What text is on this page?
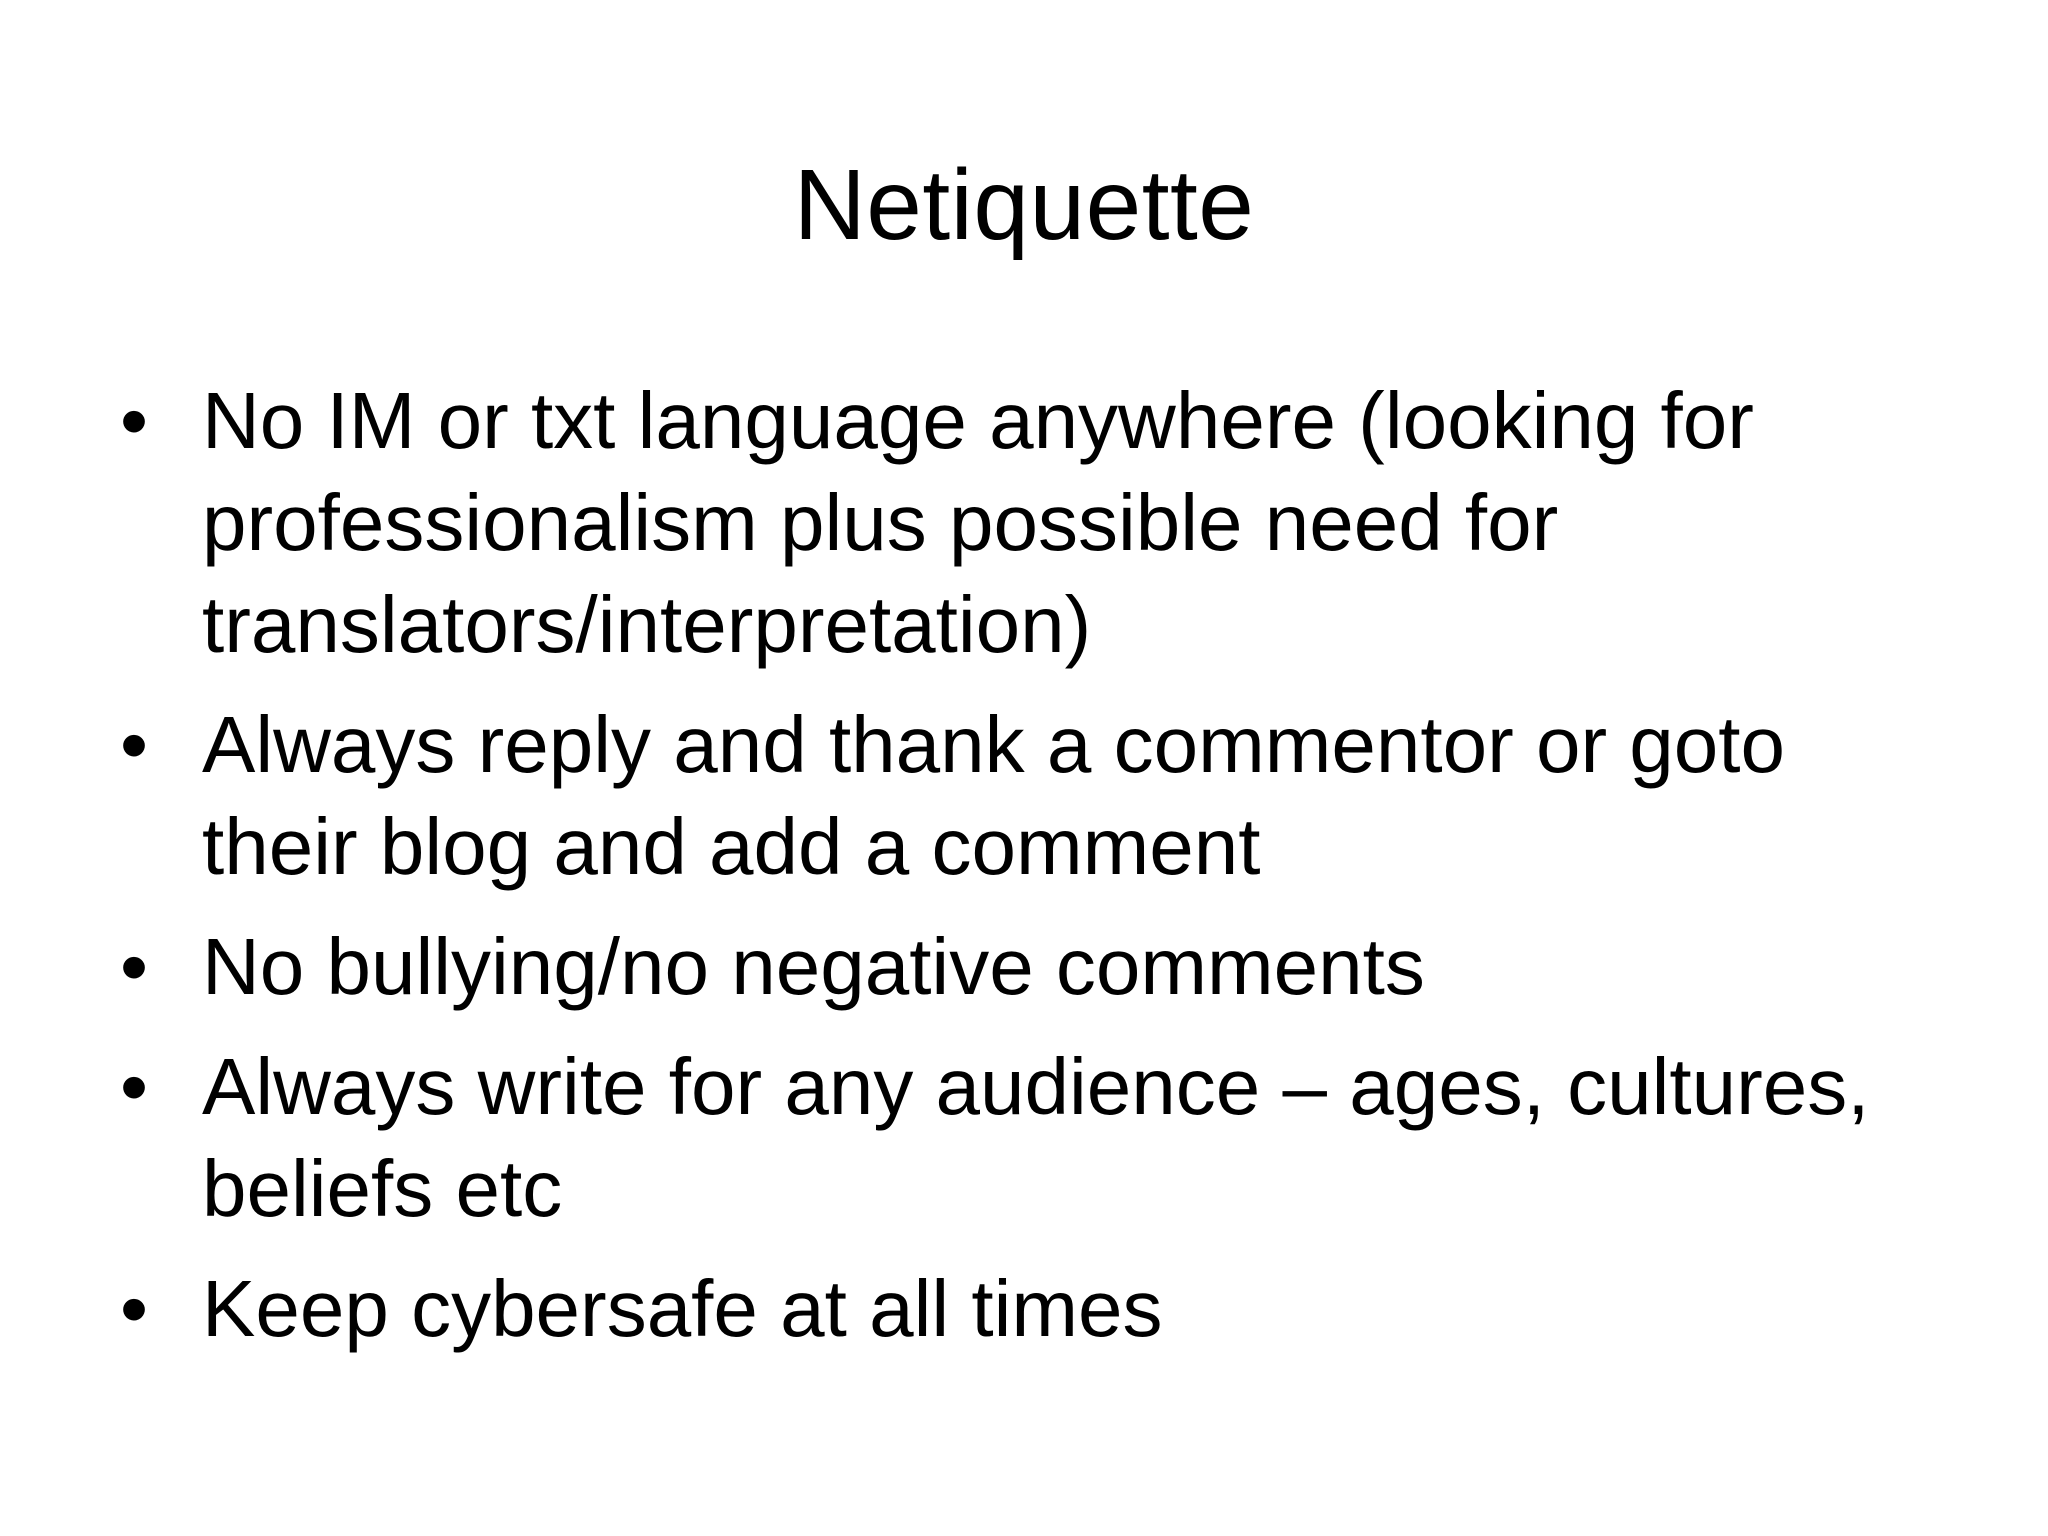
Netiquette
• No IM or txt language anywhere (looking for professionalism plus possible need for translators/interpretation)
• Always reply and thank a commentor or goto their blog and add a comment
• No bullying/no negative comments
• Always write for any audience – ages, cultures, beliefs etc
• Keep cybersafe at all times
